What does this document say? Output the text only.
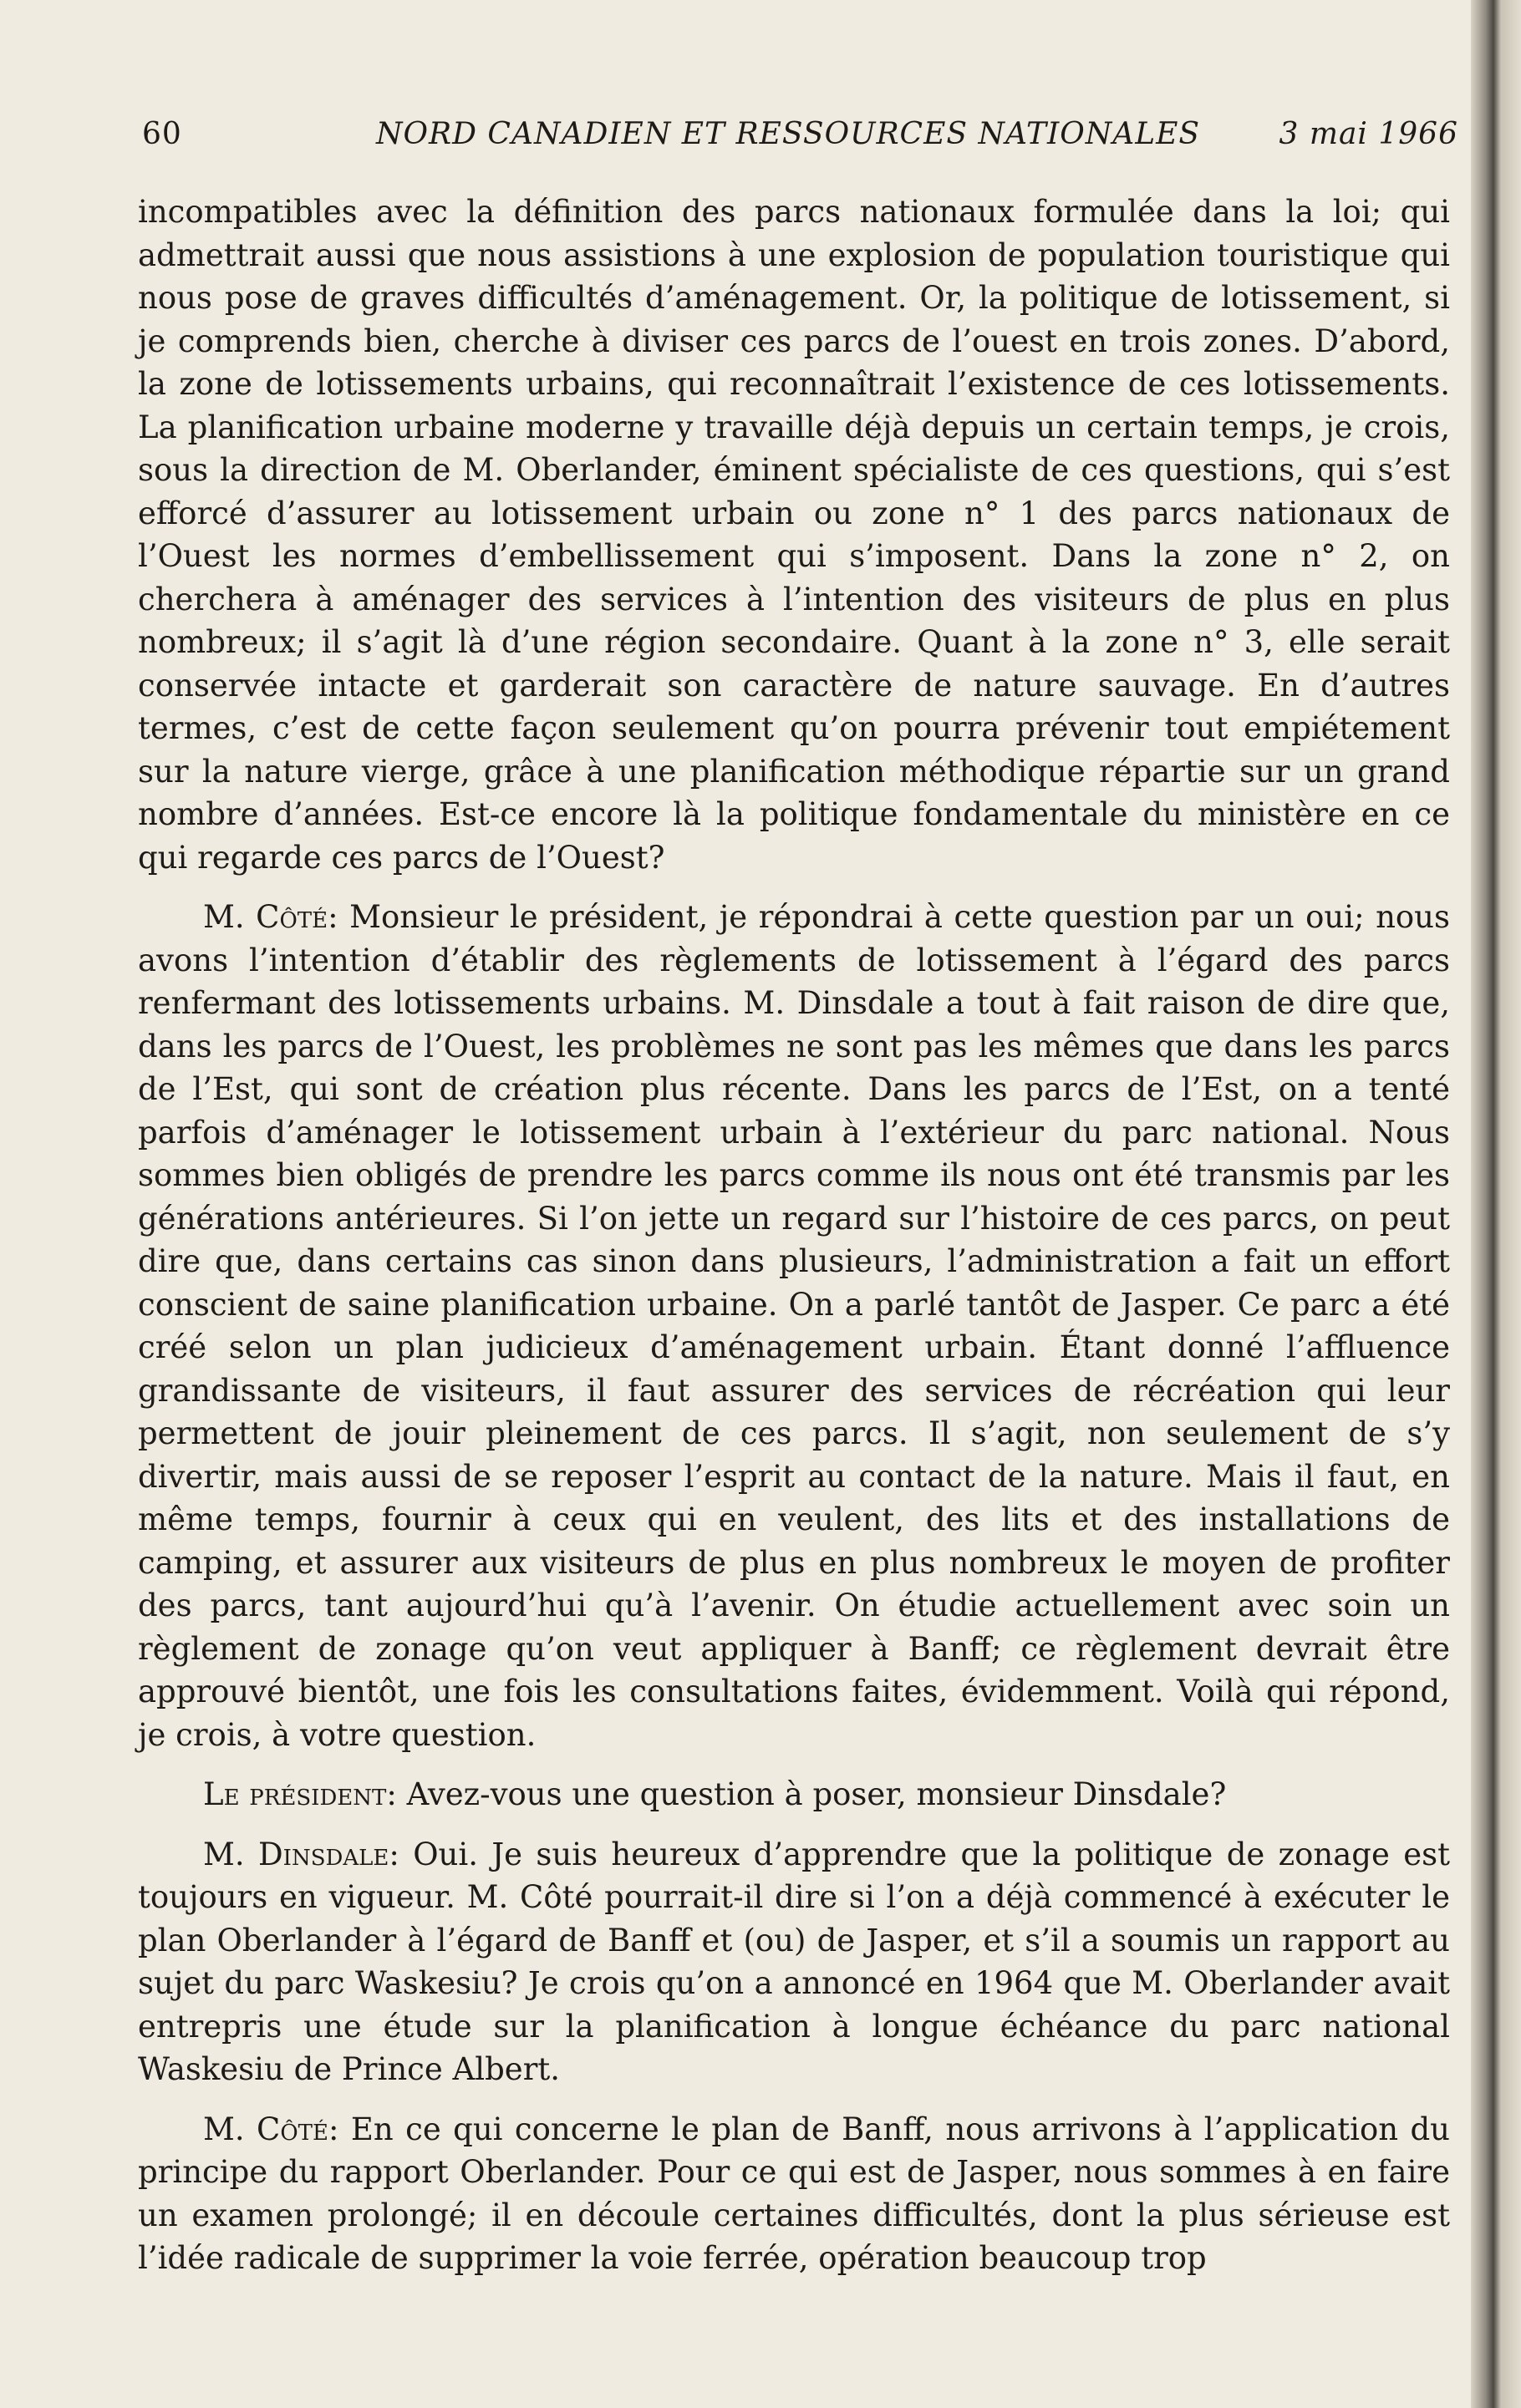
60	NORD CANADIEN ET RESSOURCES NATIONALES	3 mai 1966

incompatibles avec la définition des parcs nationaux formulée dans la loi; qui admettrait aussi que nous assistions à une explosion de population touristique qui nous pose de graves difficultés d’aménagement. Or, la politique de lotissement, si je comprends bien, cherche à diviser ces parcs de l’ouest en trois zones. D’abord, la zone de lotissements urbains, qui reconnaîtrait l’existence de ces lotissements. La planification urbaine moderne y travaille déjà depuis un certain temps, je crois, sous la direction de M. Oberlander, éminent spécialiste de ces questions, qui s’est efforcé d’assurer au lotissement urbain ou zone n° 1 des parcs nationaux de l’Ouest les normes d’embellissement qui s’imposent. Dans la zone n° 2, on cherchera à aménager des services à l’intention des visiteurs de plus en plus nombreux; il s’agit là d’une région secondaire. Quant à la zone n° 3, elle serait conservée intacte et garderait son caractère de nature sauvage. En d’autres termes, c’est de cette façon seulement qu’on pourra prévenir tout empiétement sur la nature vierge, grâce à une planification méthodique répartie sur un grand nombre d’années. Est-ce encore là la politique fondamentale du ministère en ce qui regarde ces parcs de l’Ouest?

M. Côté: Monsieur le président, je répondrai à cette question par un oui; nous avons l’intention d’établir des règlements de lotissement à l’égard des parcs renfermant des lotissements urbains. M. Dinsdale a tout à fait raison de dire que, dans les parcs de l’Ouest, les problèmes ne sont pas les mêmes que dans les parcs de l’Est, qui sont de création plus récente. Dans les parcs de l’Est, on a tenté parfois d’aménager le lotissement urbain à l’extérieur du parc national. Nous sommes bien obligés de prendre les parcs comme ils nous ont été transmis par les générations antérieures. Si l’on jette un regard sur l’histoire de ces parcs, on peut dire que, dans certains cas sinon dans plusieurs, l’administration a fait un effort conscient de saine planification urbaine. On a parlé tantôt de Jasper. Ce parc a été créé selon un plan judicieux d’aménagement urbain. Étant donné l’affluence grandissante de visiteurs, il faut assurer des services de récréation qui leur permettent de jouir pleinement de ces parcs. Il s’agit, non seulement de s’y divertir, mais aussi de se reposer l’esprit au contact de la nature. Mais il faut, en même temps, fournir à ceux qui en veulent, des lits et des installations de camping, et assurer aux visiteurs de plus en plus nombreux le moyen de profiter des parcs, tant aujourd’hui qu’à l’avenir. On étudie actuellement avec soin un règlement de zonage qu’on veut appliquer à Banff; ce règlement devrait être approuvé bientôt, une fois les consultations faites, évidemment. Voilà qui répond, je crois, à votre question.

Le président: Avez-vous une question à poser, monsieur Dinsdale?

M. Dinsdale: Oui. Je suis heureux d’apprendre que la politique de zonage est toujours en vigueur. M. Côté pourrait-il dire si l’on a déjà commencé à exécuter le plan Oberlander à l’égard de Banff et (ou) de Jasper, et s’il a soumis un rapport au sujet du parc Waskesiu? Je crois qu’on a annoncé en 1964 que M. Oberlander avait entrepris une étude sur la planification à longue échéance du parc national Waskesiu de Prince Albert.

M. Côté: En ce qui concerne le plan de Banff, nous arrivons à l’application du principe du rapport Oberlander. Pour ce qui est de Jasper, nous sommes à en faire un examen prolongé; il en découle certaines difficultés, dont la plus sérieuse est l’idée radicale de supprimer la voie ferrée, opération beaucoup trop
